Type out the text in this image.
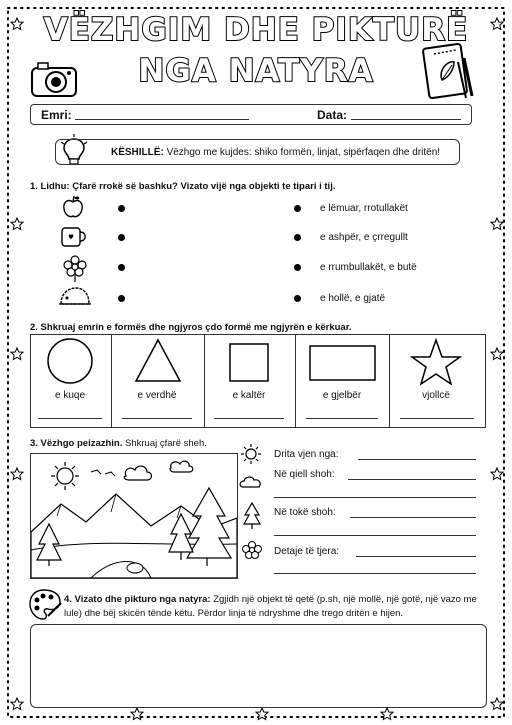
VËZHGIM DHE PIKTURË
NGA NATYRA
Emri:	Data:
KËSHILLË: Vëzhgo me kujdes: shiko formën, linjat, sipërfaqen dhe dritën!
1. Lidhu: Çfarë rrokë së bashku? Vizato vijë nga objekti te tipari i tij.
e lëmuar, rrotullakët
e ashpër, e çrregullt
e rrumbullakët, e butë
e hollë, e gjatë
2. Shkruaj emrin e formës dhe ngjyros çdo formë me ngjyrën e kërkuar.
e kuqe	e verdhë	e kaltër	e gjelbër	vjollcë
3. Vëzhgo peizazhin. Shkruaj çfarë sheh.
Drita vjen nga:
Në qiell shoh:
Në tokë shoh:
Detaje të tjera:
4. Vizato dhe pikturo nga natyra: Zgjidh një objekt të qetë (p.sh, një mollë, një gotë, një vazo me lule) dhe bëj skicën tënde këtu. Përdor linja të ndryshme dhe trego dritën e hijen.
